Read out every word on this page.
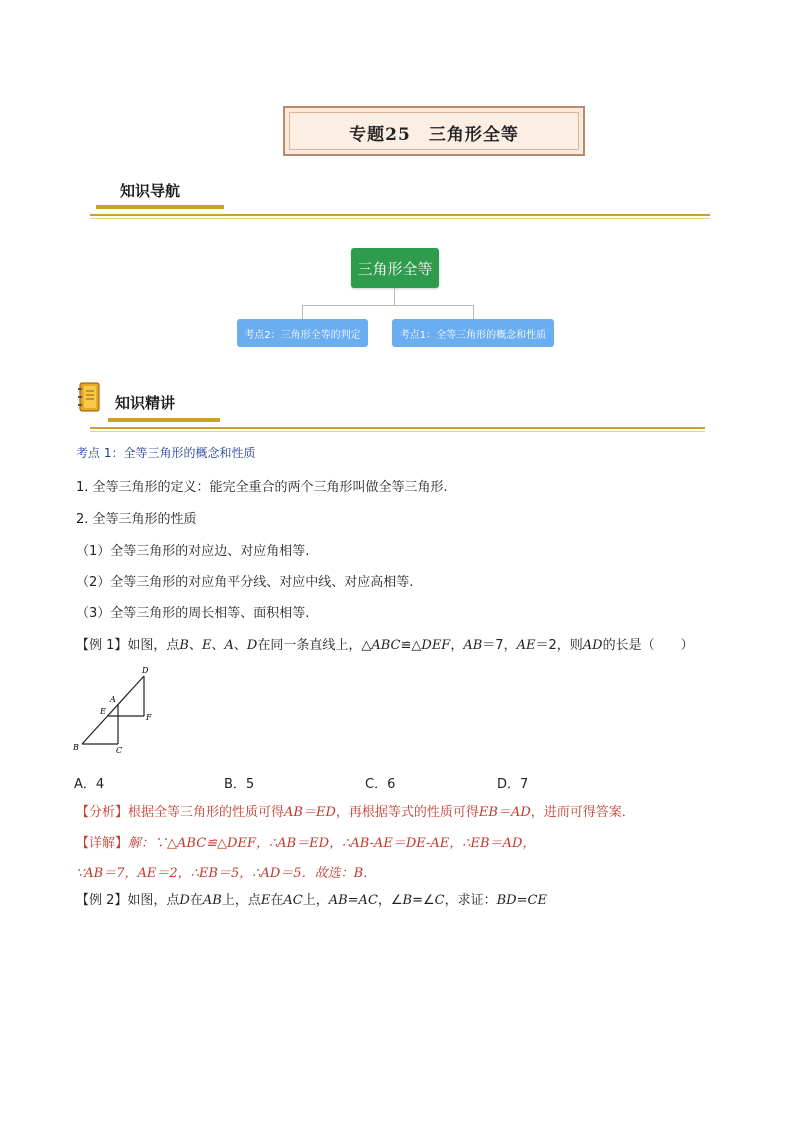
专题25　三角形全等
知识导航
三角形全等
考点2：三角形全等的判定	考点1：全等三角形的概念和性质
知识精讲
考点 1：全等三角形的概念和性质
1. 全等三角形的定义：能完全重合的两个三角形叫做全等三角形.
2. 全等三角形的性质
（1）全等三角形的对应边、对应角相等.
（2）全等三角形的对应角平分线、对应中线、对应高相等.
（3）全等三角形的周长相等、面积相等.
【例 1】如图，点B、E、A、D在同一条直线上，△ABC≌△DEF，AB＝7，AE＝2，则AD的长是（　　）
D
A
E
F
B	C
A．4	B．5	C．6	D．7
【分析】根据全等三角形的性质可得AB＝ED，再根据等式的性质可得EB＝AD，进而可得答案．
【详解】解：∵△ABC≌△DEF，∴AB＝ED，∴AB-AE＝DE-AE，∴EB＝AD，
∵AB＝7，AE＝2，∴EB＝5，∴AD＝5．故选：B．
【例 2】如图，点D在AB上，点E在AC上，AB=AC，∠B=∠C，求证：BD=CE
